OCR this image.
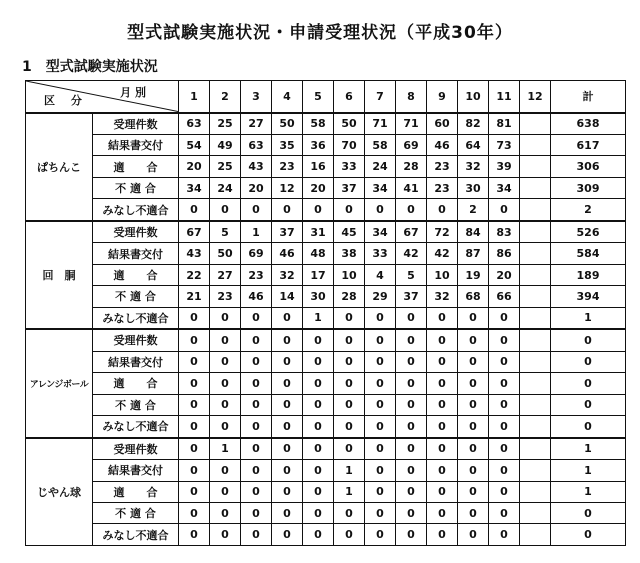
型式試験実施状況・申請受理状況（平成30年）
1　型式試験実施状況
月 別
区 分		1	2	3	4	5	6	7	8	9	10	11	12	計
ぱちんこ	受理件数	63	25	27	50	58	50	71	71	60	82	81		638
	結果書交付	54	49	63	35	36	70	58	69	46	64	73		617
	適　　合	20	25	43	23	16	33	24	28	23	32	39		306
	不 適 合	34	24	20	12	20	37	34	41	23	30	34		309
	みなし不適合	0	0	0	0	0	0	0	0	0	2	0		2
回　胴	受理件数	67	5	1	37	31	45	34	67	72	84	83		526
	結果書交付	43	50	69	46	48	38	33	42	42	87	86		584
	適　　合	22	27	23	32	17	10	4	5	10	19	20		189
	不 適 合	21	23	46	14	30	28	29	37	32	68	66		394
	みなし不適合	0	0	0	0	1	0	0	0	0	0	0		1
アレンジボール	受理件数	0	0	0	0	0	0	0	0	0	0	0		0
	結果書交付	0	0	0	0	0	0	0	0	0	0	0		0
	適　　合	0	0	0	0	0	0	0	0	0	0	0		0
	不 適 合	0	0	0	0	0	0	0	0	0	0	0		0
	みなし不適合	0	0	0	0	0	0	0	0	0	0	0		0
じやん球	受理件数	0	1	0	0	0	0	0	0	0	0	0		1
	結果書交付	0	0	0	0	0	1	0	0	0	0	0		1
	適　　合	0	0	0	0	0	1	0	0	0	0	0		1
	不 適 合	0	0	0	0	0	0	0	0	0	0	0		0
	みなし不適合	0	0	0	0	0	0	0	0	0	0	0		0
